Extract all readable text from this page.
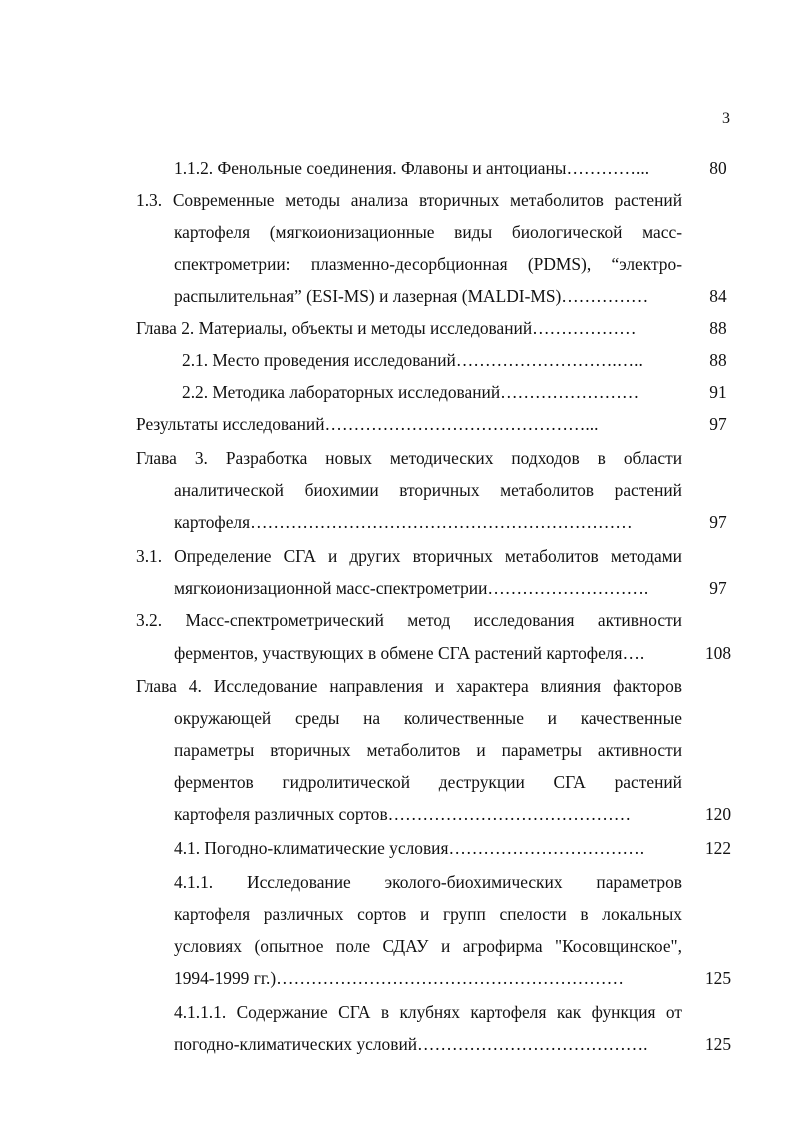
3
1.1.2. Фенольные соединения. Флавоны и антоцианы…………...	80
1.3. Современные методы анализа вторичных метаболитов растений
картофеля (мягкоионизационные виды биологической масс-
спектрометрии: плазменно-десорбционная (PDMS), “электро-
распылительная” (ESI-MS) и лазерная (MALDI-MS)……………	84
Глава 2. Материалы, объекты и методы исследований………………	88
2.1. Место проведения исследований……………………….…..	88
2.2. Методика лабораторных исследований……………………	91
Результаты исследований………………………………………...	97
Глава 3. Разработка новых методических подходов в области
аналитической биохимии вторичных метаболитов растений
картофеля…………………………………………………………	97
3.1. Определение СГА и других вторичных метаболитов методами
мягкоионизационной масс-спектрометрии……………………….	97
3.2. Масс-спектрометрический метод исследования активности
ферментов, участвующих в обмене СГА растений картофеля….	108
Глава 4. Исследование направления и характера влияния факторов
окружающей среды на количественные и качественные
параметры вторичных метаболитов и параметры активности
ферментов гидролитической деструкции СГА растений
картофеля различных сортов……………………………………	120
4.1. Погодно-климатические условия…………………………….	122
4.1.1. Исследование эколого-биохимических параметров
картофеля различных сортов и групп спелости в локальных
условиях (опытное поле СДАУ и агрофирма "Косовщинское",
1994-1999 гг.)……………………………………………………	125
4.1.1.1. Содержание СГА в клубнях картофеля как функция от
погодно-климатических условий………………………………….	125
